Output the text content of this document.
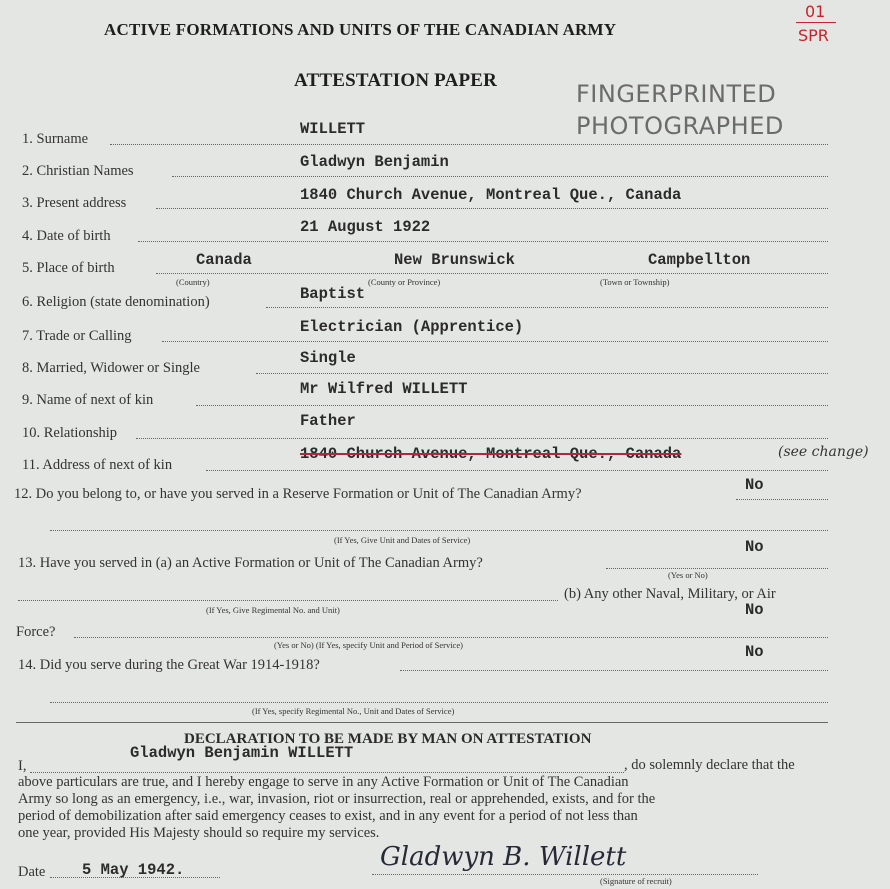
ACTIVE FORMATIONS AND UNITS OF THE CANADIAN ARMY
ATTESTATION PAPER
01
SPR
FINGERPRINTED
PHOTOGRAPHED
1. Surname
WILLETT
2. Christian Names	Gladwyn Benjamin
3. Present address	1840 Church Avenue, Montreal Que., Canada
4. Date of birth	21 August 1922
5. Place of birth	Canada	New Brunswick	Campbellton
(Country)	(County or Province)	(Town or Township)
6. Religion (state denomination)	Baptist
7. Trade or Calling	Electrician (Apprentice)
8. Married, Widower or Single
Single
9. Name of next of kin
Mr Wilfred WILLETT
10. Relationship
Father
11. Address of next of kin
1840 Church Avenue, Montreal Que., Canada	(see change)
12. Do you belong to, or have you served in a Reserve Formation or Unit of The Canadian Army?	No
(If Yes, Give Unit and Dates of Service)
13. Have you served in (a) an Active Formation or Unit of The Canadian Army?
No
(Yes or No)
(b) Any other Naval, Military, or Air
(If Yes, Give Regimental No. and Unit)	No
Force?
(Yes or No) (If Yes, specify Unit and Period of Service)
14. Did you serve during the Great War 1914-1918?
No
(If Yes, specify Regimental No., Unit and Dates of Service)
DECLARATION TO BE MADE BY MAN ON ATTESTATION
I,
Gladwyn Benjamin WILLETT
, do solemnly declare that the
above particulars are true, and I hereby engage to serve in any Active Formation or Unit of The Canadian
Army so long as an emergency, i.e., war, invasion, riot or insurrection, real or apprehended, exists, and for the
period of demobilization after said emergency ceases to exist, and in any event for a period of not less than
one year, provided His Majesty should so require my services.
Date 5 May 1942.	Gladwyn B. Willett
(Signature of recruit)
